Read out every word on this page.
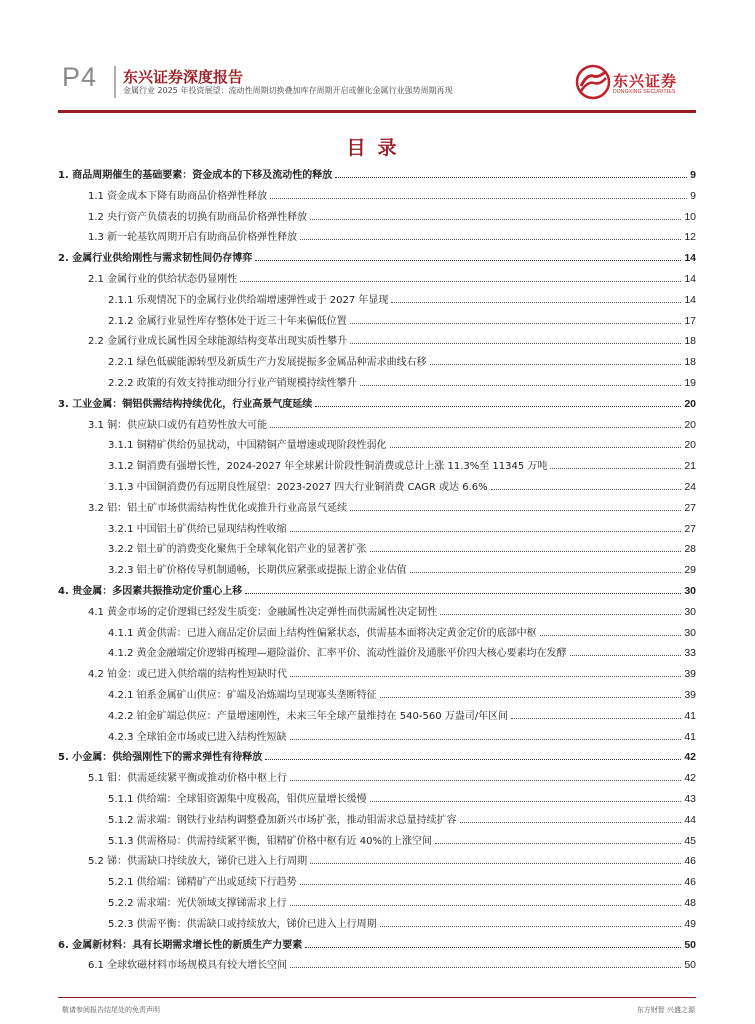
P4 东兴证券深度报告
金属行业 2025 年投资展望：流动性周期切换叠加库存周期开启或催化金属行业强势周期再现
东兴证券
DONGXING SECURITIES
目录
1. 商品周期催生的基础要素：资金成本的下移及流动性的释放	9
1.1 资金成本下降有助商品价格弹性释放	9
1.2 央行资产负债表的切换有助商品价格弹性释放	10
1.3 新一轮基钦周期开启有助商品价格弹性释放	12
2. 金属行业供给刚性与需求韧性间仍存博弈	14
2.1 金属行业的供给状态仍显刚性	14
2.1.1 乐观情况下的金属行业供给端增速弹性或于 2027 年显现	14
2.1.2 金属行业显性库存整体处于近三十年来偏低位置	17
2.2 金属行业成长属性因全球能源结构变革出现实质性攀升	18
2.2.1 绿色低碳能源转型及新质生产力发展提振多金属品种需求曲线右移	18
2.2.2 政策的有效支持推动细分行业产销规模持续性攀升	19
3. 工业金属：铜铝供需结构持续优化，行业高景气度延续	20
3.1 铜：供应缺口或仍有趋势性放大可能	20
3.1.1 铜精矿供给仍显扰动，中国精铜产量增速或现阶段性弱化	20
3.1.2 铜消费有强增长性，2024-2027 年全球累计阶段性铜消费或总计上涨 11.3%至 11345 万吨	21
3.1.3 中国铜消费仍有远期良性展望：2023-2027 四大行业铜消费 CAGR 或达 6.6%	24
3.2 铝：铝土矿市场供需结构性优化或推升行业高景气延续	27
3.2.1 中国铝土矿供给已显现结构性收缩	27
3.2.2 铝土矿的消费变化聚焦于全球氧化铝产业的显著扩张	28
3.2.3 铝土矿价格传导机制通畅，长期供应紧张或提振上游企业估值	29
4. 贵金属：多因素共振推动定价重心上移	30
4.1 黄金市场的定价逻辑已经发生质变：金融属性决定弹性而供需属性决定韧性	30
4.1.1 黄金供需：已进入商品定价层面上结构性偏紧状态，供需基本面将决定黄金定价的底部中枢	30
4.1.2 黄金金融端定价逻辑再梳理—避险溢价、汇率平价、流动性溢价及通胀平价四大核心要素均在发酵	33
4.2 铂金：或已进入供给端的结构性短缺时代	39
4.2.1 铂系金属矿山供应：矿端及冶炼端均呈现寡头垄断特征	39
4.2.2 铂金矿端总供应：产量增速刚性，未来三年全球产量维持在 540-560 万盎司/年区间	41
4.2.3 全球铂金市场或已进入结构性短缺	41
5. 小金属：供给强刚性下的需求弹性有待释放	42
5.1 钼：供需延续紧平衡或推动价格中枢上行	42
5.1.1 供给端：全球钼资源集中度极高，钼供应量增长缓慢	43
5.1.2 需求端：钢铁行业结构调整叠加新兴市场扩张，推动钼需求总量持续扩容	44
5.1.3 供需格局：供需持续紧平衡，钼精矿价格中枢有近 40%的上涨空间	45
5.2 锑：供需缺口持续放大，锑价已进入上行周期	46
5.2.1 供给端：锑精矿产出或延续下行趋势	46
5.2.2 需求端：光伏领域支撑锑需求上行	48
5.2.3 供需平衡：供需缺口或持续放大，锑价已进入上行周期	49
6. 金属新材料：具有长期需求增长性的新质生产力要素	50
6.1 全球软磁材料市场规模具有较大增长空间	50
敬请参阅报告结尾处的免责声明	东方财智 兴盛之源
